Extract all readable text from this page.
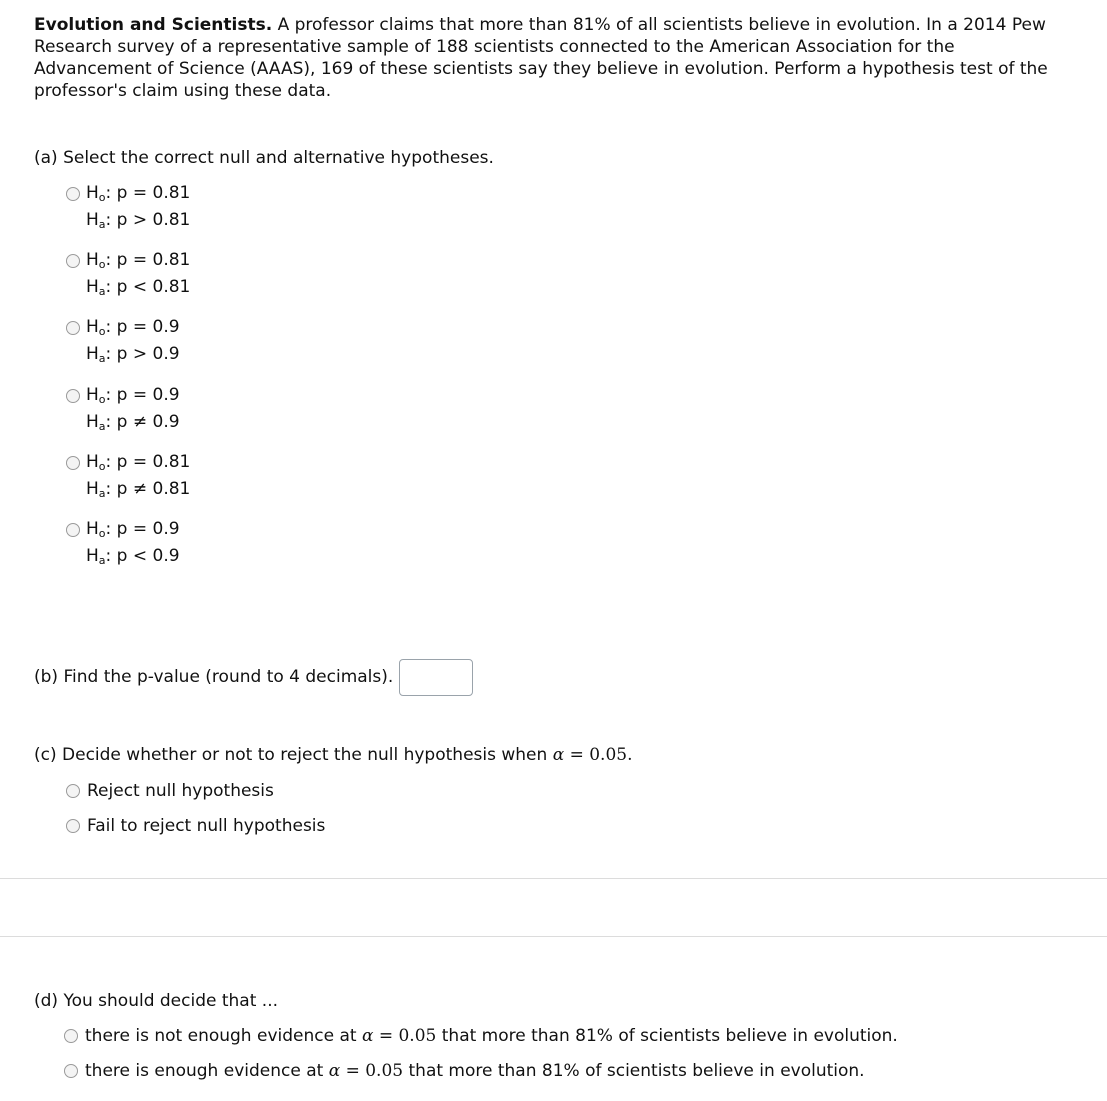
Evolution and Scientists. A professor claims that more than 81% of all scientists believe in evolution. In a 2014 Pew Research survey of a representative sample of 188 scientists connected to the American Association for the Advancement of Science (AAAS), 169 of these scientists say they believe in evolution. Perform a hypothesis test of the professor's claim using these data.
(a) Select the correct null and alternative hypotheses.
$H_o$: p = 0.81
$H_a$: p > 0.81
$H_o$: p = 0.81
$H_a$: p < 0.81
$H_o$: p = 0.9
$H_a$: p > 0.9
$H_o$: p = 0.9
$H_a$: p ≠ 0.9
$H_o$: p = 0.81
$H_a$: p ≠ 0.81
$H_o$: p = 0.9
$H_a$: p < 0.9
(b) Find the p-value (round to 4 decimals).
(c) Decide whether or not to reject the null hypothesis when α = 0.05.
Reject null hypothesis
Fail to reject null hypothesis
(d) You should decide that ...
there is not enough evidence at α = 0.05 that more than 81% of scientists believe in evolution.
there is enough evidence at α = 0.05 that more than 81% of scientists believe in evolution.
